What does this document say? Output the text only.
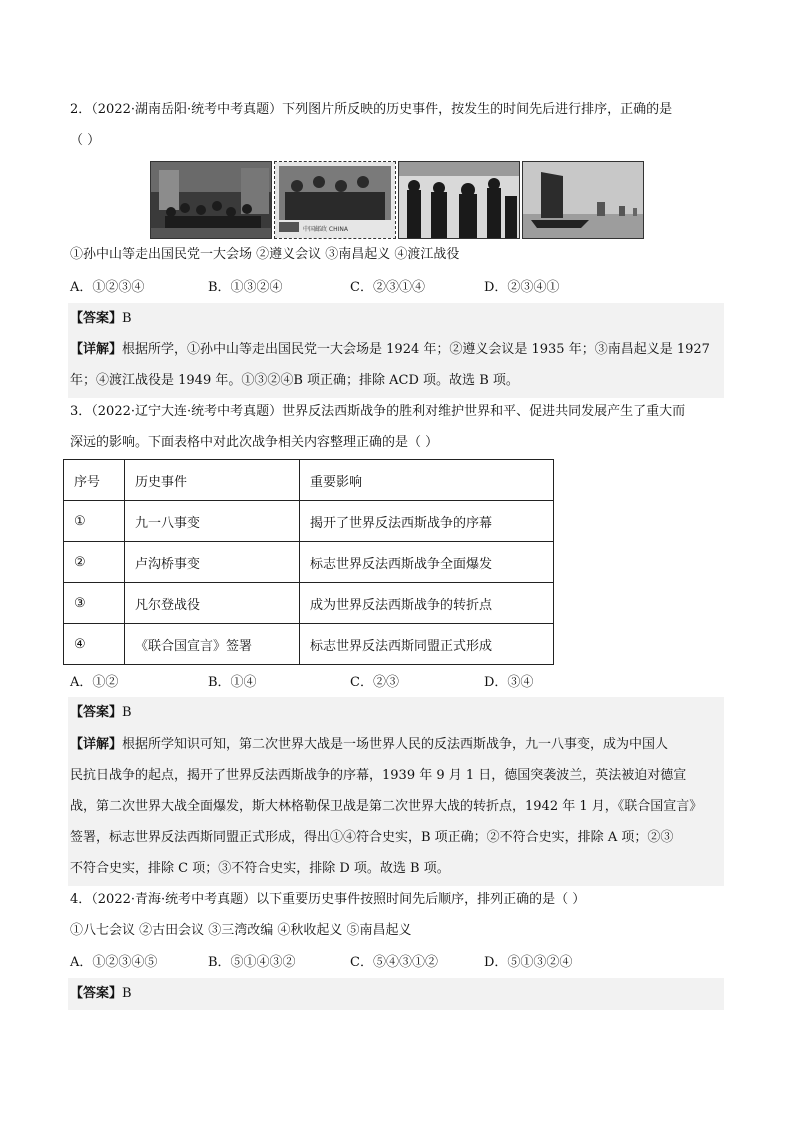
2．（2022·湖南岳阳·统考中考真题）下列图片所反映的历史事件，按发生的时间先后进行排序，正确的是
（ ）
中国邮政 CHINA
①孙中山等走出国民党一大会场 ②遵义会议 ③南昌起义 ④渡江战役
A．①②③④	B．①③②④	C．②③①④	D．②③④①
【答案】B
【详解】根据所学，①孙中山等走出国民党一大会场是 1924 年；②遵义会议是 1935 年；③南昌起义是 1927
年；④渡江战役是 1949 年。①③②④B 项正确；排除 ACD 项。故选 B 项。
3．（2022·辽宁大连·统考中考真题）世界反法西斯战争的胜利对维护世界和平、促进共同发展产生了重大而
深远的影响。下面表格中对此次战争相关内容整理正确的是（ ）
序号	历史事件	重要影响
①	九一八事变	揭开了世界反法西斯战争的序幕
②	卢沟桥事变	标志世界反法西斯战争全面爆发
③	凡尔登战役	成为世界反法西斯战争的转折点
④	《联合国宣言》签署	标志世界反法西斯同盟正式形成
A．①②	B．①④	C．②③	D．③④
【答案】B
【详解】根据所学知识可知，第二次世界大战是一场世界人民的反法西斯战争，九一八事变，成为中国人
民抗日战争的起点，揭开了世界反法西斯战争的序幕，1939 年 9 月 1 日，德国突袭波兰，英法被迫对德宣
战，第二次世界大战全面爆发，斯大林格勒保卫战是第二次世界大战的转折点，1942 年 1 月，《联合国宣言》
签署，标志世界反法西斯同盟正式形成，得出①④符合史实，B 项正确；②不符合史实，排除 A 项；②③
不符合史实，排除 C 项；③不符合史实，排除 D 项。故选 B 项。
4．（2022·青海·统考中考真题）以下重要历史事件按照时间先后顺序，排列正确的是（ ）
①八七会议 ②古田会议 ③三湾改编 ④秋收起义 ⑤南昌起义
A．①②③④⑤	B．⑤①④③②	C．⑤④③①②	D．⑤①③②④
【答案】B
